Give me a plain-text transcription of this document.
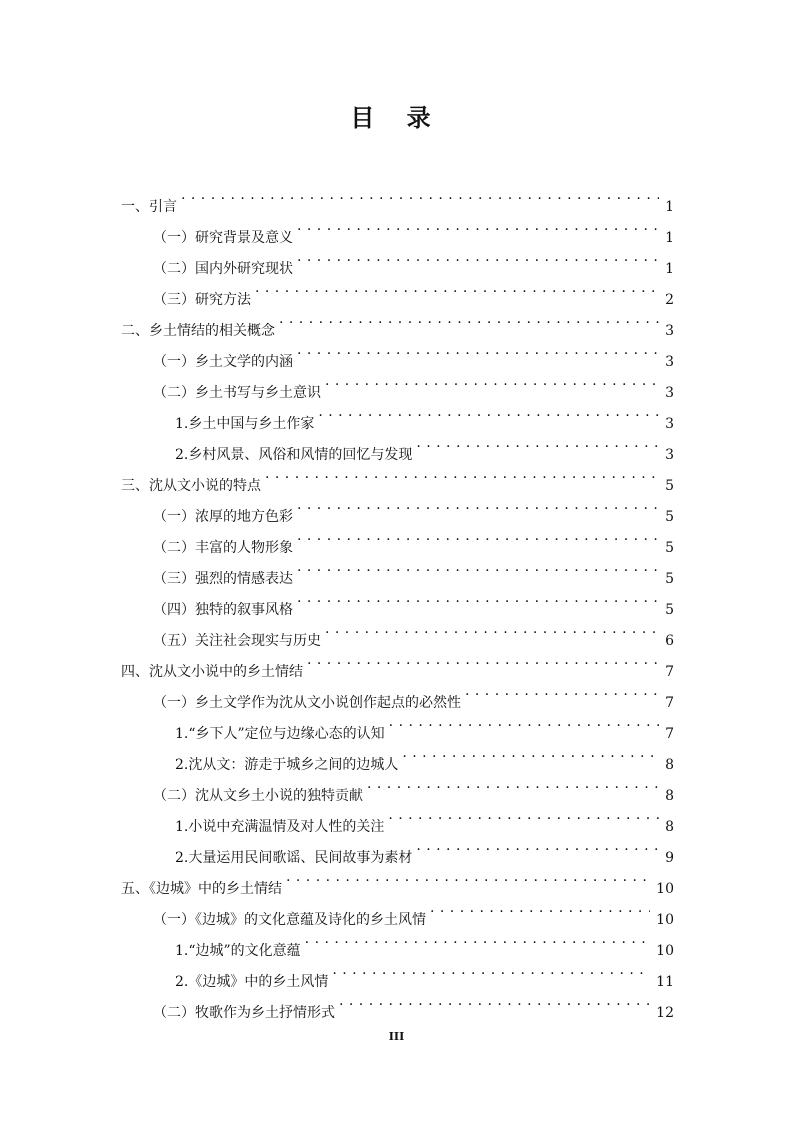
目 录
一、引言 . . .	1
（一）研究背景及意义 . . .	1
（二）国内外研究现状 . . .	1
（三）研究方法 . . .	2
二、乡土情结的相关概念 . . .	3
（一）乡土文学的内涵 . . .	3
（二）乡土书写与乡土意识 . . .	3
1.乡土中国与乡土作家 . . .	3
2.乡村风景、风俗和风情的回忆与发现 . . .	3
三、沈从文小说的特点 . . .	5
（一）浓厚的地方色彩 . . .	5
（二）丰富的人物形象 . . .	5
（三）强烈的情感表达 . . .	5
（四）独特的叙事风格 . . .	5
（五）关注社会现实与历史 . . .	6
四、沈从文小说中的乡土情结 . . .	7
（一）乡土文学作为沈从文小说创作起点的必然性 . . .	7
1.“乡下人”定位与边缘心态的认知 . . .	7
2.沈从文：游走于城乡之间的边城人 . . .	8
（二）沈从文乡土小说的独特贡献 . . .	8
1.小说中充满温情及对人性的关注 . . .	8
2.大量运用民间歌谣、民间故事为素材 . . .	9
五、《边城》中的乡土情结 . . .	10
（一）《边城》的文化意蕴及诗化的乡土风情 . . .	10
1.“边城”的文化意蕴 . . .	10
2.《边城》中的乡土风情 . . .	11
（二）牧歌作为乡土抒情形式 . . .	12
III
